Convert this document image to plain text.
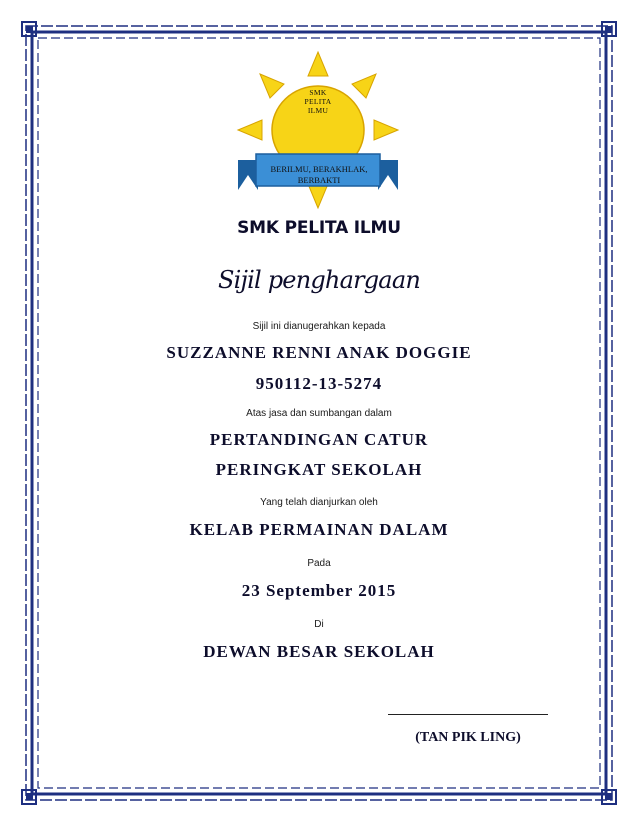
SMK
PELITA
ILMU
BERILMU, BERAKHLAK,
BERBAKTI
SMK PELITA ILMU
Sijil penghargaan
Sijil ini dianugerahkan kepada
SUZZANNE RENNI ANAK DOGGIE
950112-13-5274
Atas jasa dan sumbangan dalam
PERTANDINGAN CATUR
PERINGKAT SEKOLAH
Yang telah dianjurkan oleh
KELAB PERMAINAN DALAM
Pada
23 September 2015
Di
DEWAN BESAR SEKOLAH
(TAN PIK LING)
